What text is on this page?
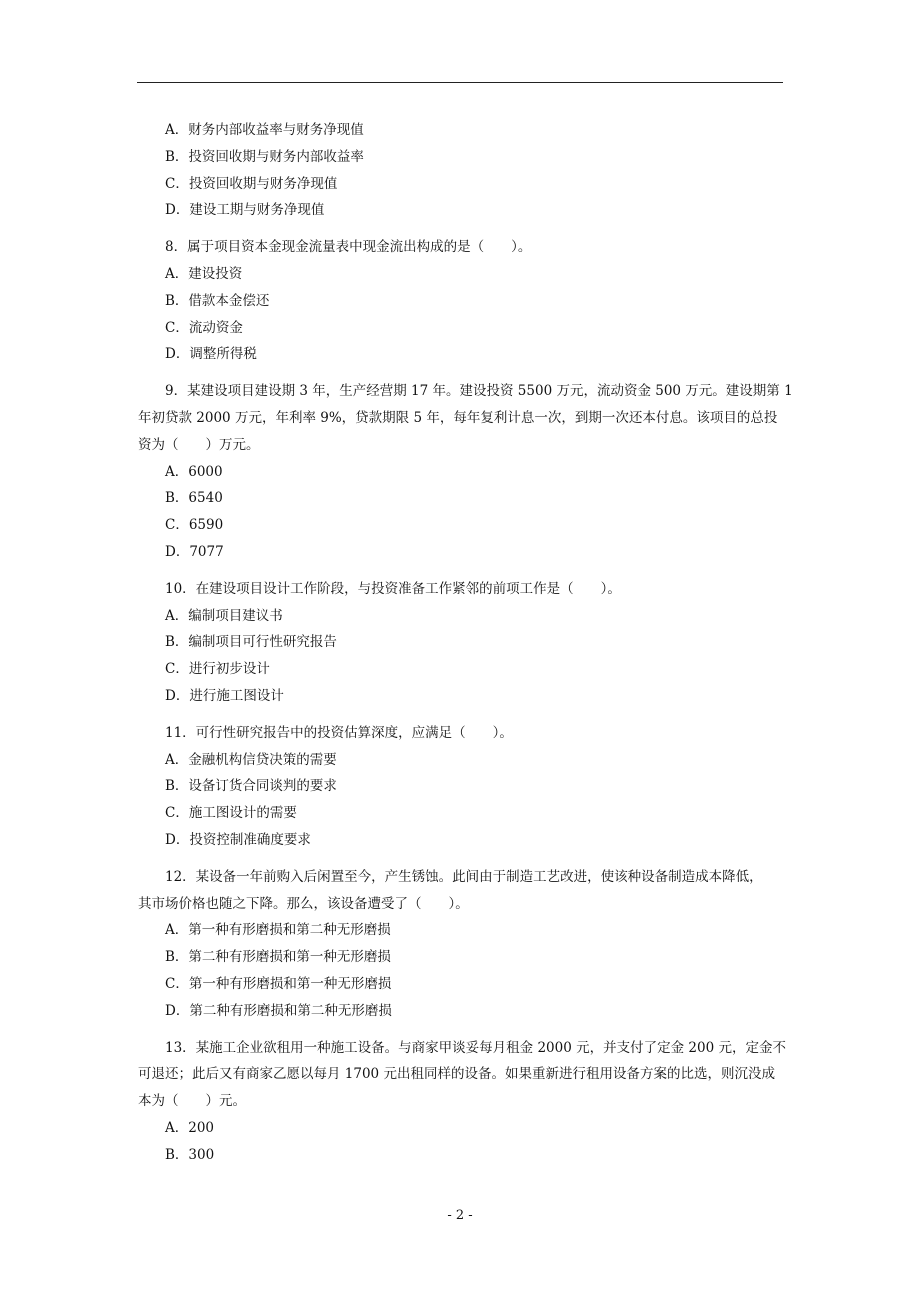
A．财务内部收益率与财务净现值
B．投资回收期与财务内部收益率
C．投资回收期与财务净现值
D．建设工期与财务净现值
8．属于项目资本金现金流量表中现金流出构成的是（　　）。
A．建设投资
B．借款本金偿还
C．流动资金
D．调整所得税
9．某建设项目建设期 3 年，生产经营期 17 年。建设投资 5500 万元，流动资金 500 万元。建设期第 1
年初贷款 2000 万元，年利率 9%，贷款期限 5 年，每年复利计息一次，到期一次还本付息。该项目的总投
资为（　　）万元。
A．6000
B．6540
C．6590
D．7077
10．在建设项目设计工作阶段，与投资准备工作紧邻的前项工作是（　　）。
A．编制项目建议书
B．编制项目可行性研究报告
C．进行初步设计
D．进行施工图设计
11．可行性研究报告中的投资估算深度，应满足（　　）。
A．金融机构信贷决策的需要
B．设备订货合同谈判的要求
C．施工图设计的需要
D．投资控制准确度要求
12．某设备一年前购入后闲置至今，产生锈蚀。此间由于制造工艺改进，使该种设备制造成本降低，
其市场价格也随之下降。那么，该设备遭受了（　　）。
A．第一种有形磨损和第二种无形磨损
B．第二种有形磨损和第一种无形磨损
C．第一种有形磨损和第一种无形磨损
D．第二种有形磨损和第二种无形磨损
13．某施工企业欲租用一种施工设备。与商家甲谈妥每月租金 2000 元，并支付了定金 200 元，定金不
可退还；此后又有商家乙愿以每月 1700 元出租同样的设备。如果重新进行租用设备方案的比选，则沉没成
本为（　　）元。
A．200
B．300
- 2 -
